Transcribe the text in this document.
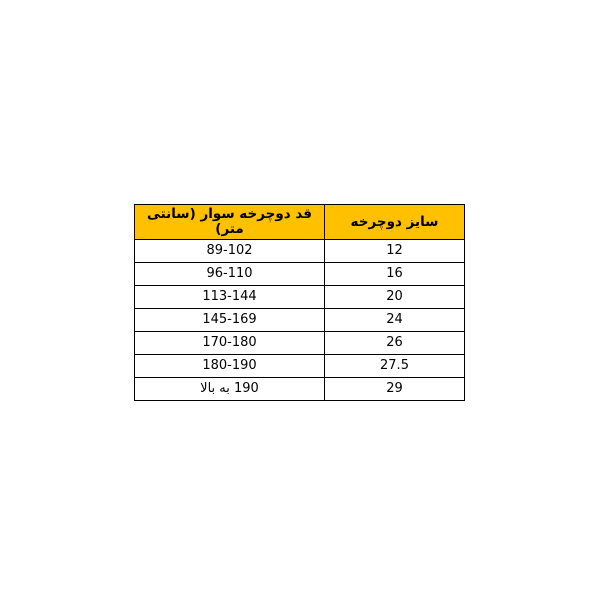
سایز دوچرخه	قد دوچرخه سوار (سانتی متر)
12	89-102
16	96-110
20	113-144
24	145-169
26	170-180
27.5	180-190
29	190 به بالا
